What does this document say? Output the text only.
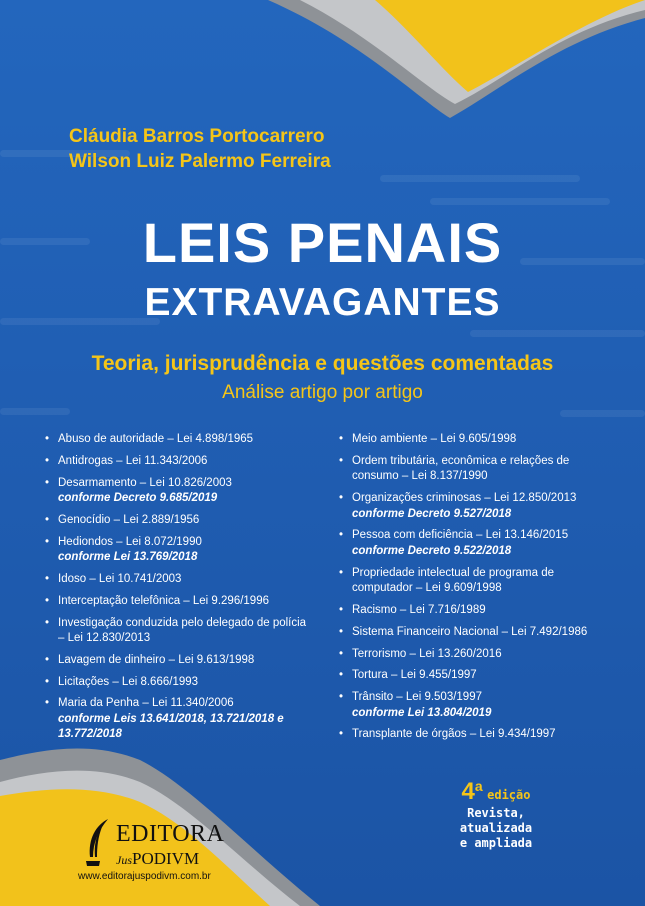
Cláudia Barros Portocarrero
Wilson Luiz Palermo Ferreira
LEIS PENAIS
EXTRAVAGANTES
Teoria, jurisprudência e questões comentadas
Análise artigo por artigo
• Abuso de autoridade – Lei 4.898/1965
• Antidrogas – Lei 11.343/2006
• Desarmamento – Lei 10.826/2003
conforme Decreto 9.685/2019
• Genocídio – Lei 2.889/1956
• Hediondos – Lei 8.072/1990
conforme Lei 13.769/2018
• Idoso – Lei 10.741/2003
• Interceptação telefônica – Lei 9.296/1996
• Investigação conduzida pelo delegado de polícia – Lei 12.830/2013
• Lavagem de dinheiro – Lei 9.613/1998
• Licitações – Lei 8.666/1993
• Maria da Penha – Lei 11.340/2006
conforme Leis 13.641/2018, 13.721/2018 e 13.772/2018
• Meio ambiente – Lei 9.605/1998
• Ordem tributária, econômica e relações de consumo – Lei 8.137/1990
• Organizações criminosas – Lei 12.850/2013
conforme Decreto 9.527/2018
• Pessoa com deficiência – Lei 13.146/2015
conforme Decreto 9.522/2018
• Propriedade intelectual de programa de computador – Lei 9.609/1998
• Racismo – Lei 7.716/1989
• Sistema Financeiro Nacional – Lei 7.492/1986
• Terrorismo – Lei 13.260/2016
• Tortura – Lei 9.455/1997
• Trânsito – Lei 9.503/1997
conforme Lei 13.804/2019
• Transplante de órgãos – Lei 9.434/1997
4a edição
Revista, atualizada
e ampliada
EDITORA
JusPODIVM
www.editorajuspodivm.com.br
